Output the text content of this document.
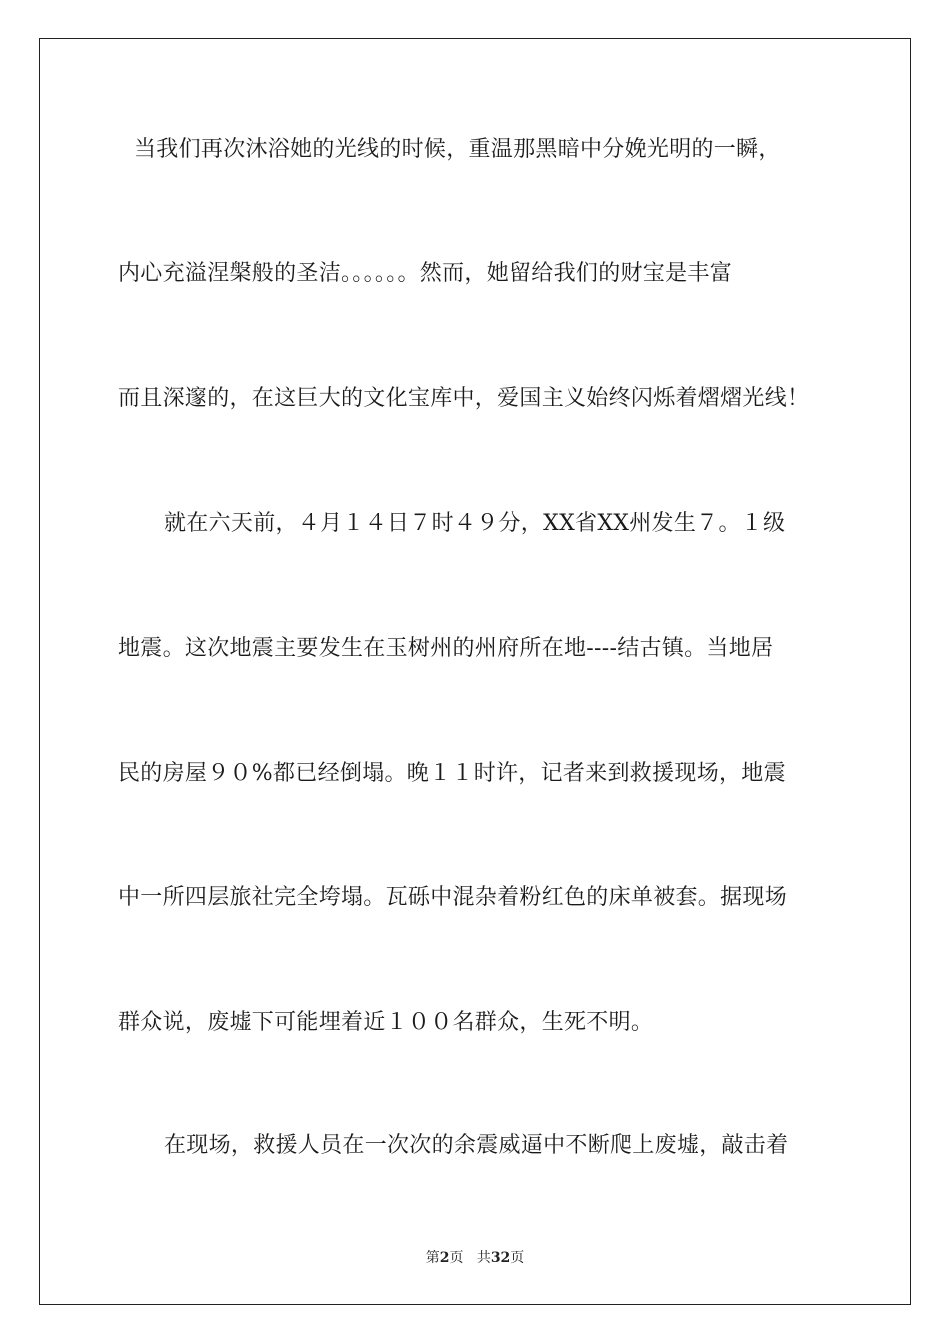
当我们再次沐浴她的光线的时候，重温那黑暗中分娩光明的一瞬，
内心充溢涅槃般的圣洁。。。。。。然而，她留给我们的财宝是丰富
而且深邃的，在这巨大的文化宝库中，爱国主义始终闪烁着熠熠光线！
就在六天前，４月１４日７时４９分，XX省XX州发生７。１级
地震。这次地震主要发生在玉树州的州府所在地----结古镇。当地居
民的房屋９０%都已经倒塌。晚１１时许，记者来到救援现场，地震
中一所四层旅社完全垮塌。瓦砾中混杂着粉红色的床单被套。据现场
群众说，废墟下可能埋着近１００名群众，生死不明。
在现场，救援人员在一次次的余震威逼中不断爬上废墟，敲击着
第2页 共32页
